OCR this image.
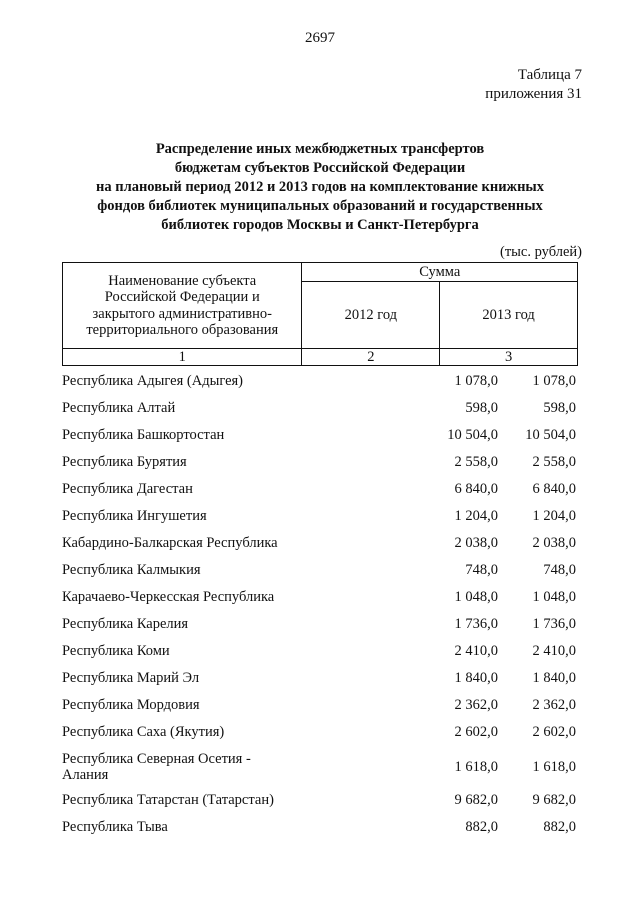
2697
Таблица 7
приложения 31
Распределение иных межбюджетных трансфертов
бюджетам субъектов Российской Федерации
на плановый период 2012 и 2013 годов на комплектование книжных
фондов библиотек муниципальных образований и государственных
библиотек городов Москвы и Санкт-Петербурга
(тыс. рублей)
Наименование субъекта
Российской Федерации и
закрытого административно-
территориального образования	Сумма	
	2012 год	2013 год
1	2	3
Республика Адыгея (Адыгея)	1 078,0	1 078,0
Республика Алтай	598,0	598,0
Республика Башкортостан	10 504,0	10 504,0
Республика Бурятия	2 558,0	2 558,0
Республика Дагестан	6 840,0	6 840,0
Республика Ингушетия	1 204,0	1 204,0
Кабардино-Балкарская Республика	2 038,0	2 038,0
Республика Калмыкия	748,0	748,0
Карачаево-Черкесская Республика	1 048,0	1 048,0
Республика Карелия	1 736,0	1 736,0
Республика Коми	2 410,0	2 410,0
Республика Марий Эл	1 840,0	1 840,0
Республика Мордовия	2 362,0	2 362,0
Республика Саха (Якутия)	2 602,0	2 602,0
Республика Северная Осетия -
Алания	1 618,0	1 618,0
Республика Татарстан (Татарстан)	9 682,0	9 682,0
Республика Тыва	882,0	882,0
